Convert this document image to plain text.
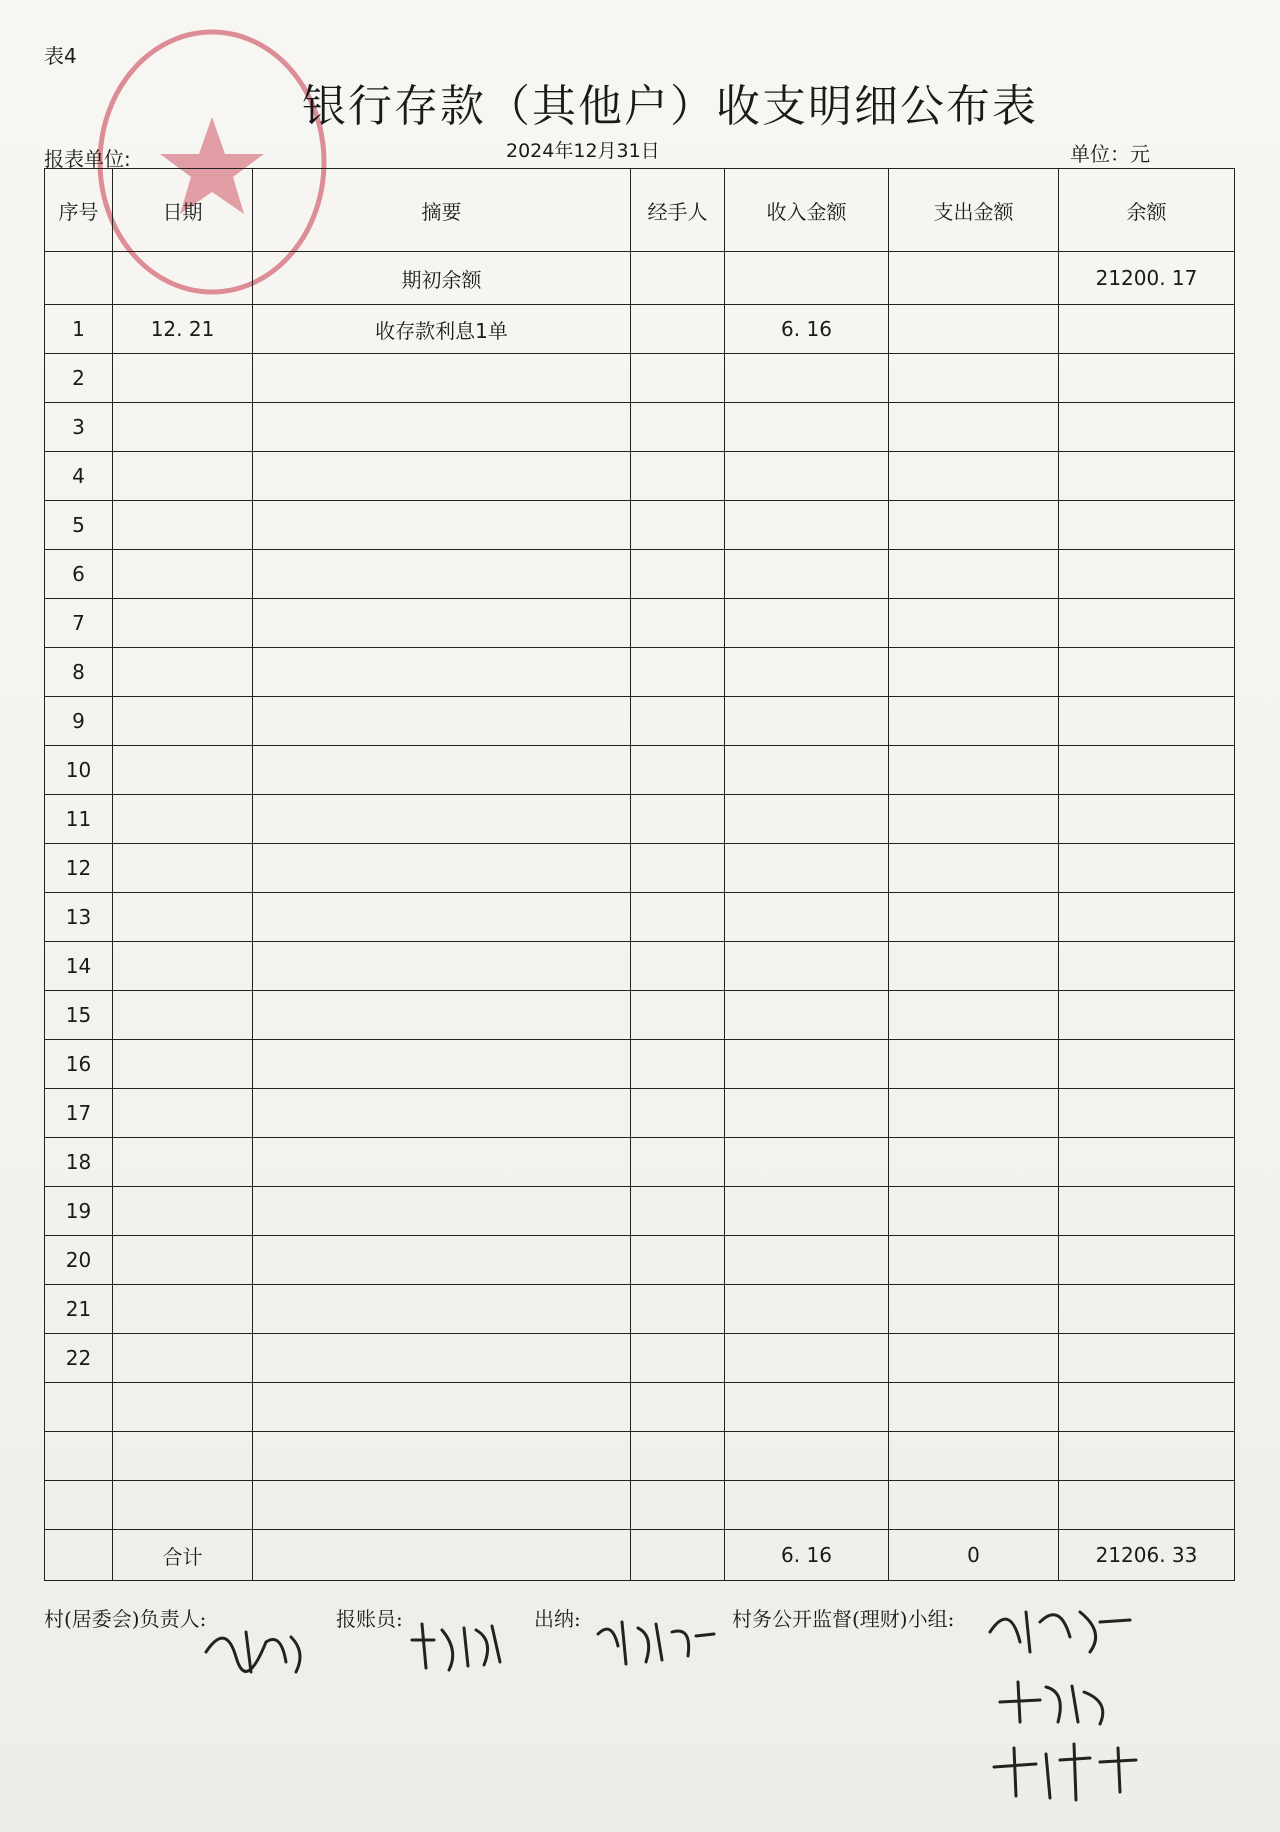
表4
银行存款（其他户）收支明细公布表
报表单位:	2024年12月31日	单位：元
序号	日期	摘要	经手人	收入金额	支出金额	余额
		期初余额				21200. 17
1	12. 21	收存款利息1单		6. 16		
2						
3						
4						
5						
6						
7						
8						
9						
10						
11						
12						
13						
14						
15						
16						
17						
18						
19						
20						
21						
22						

	合计			6. 16	0	21206. 33
村(居委会)负责人:	报账员:	出纳:	村务公开监督(理财)小组:
